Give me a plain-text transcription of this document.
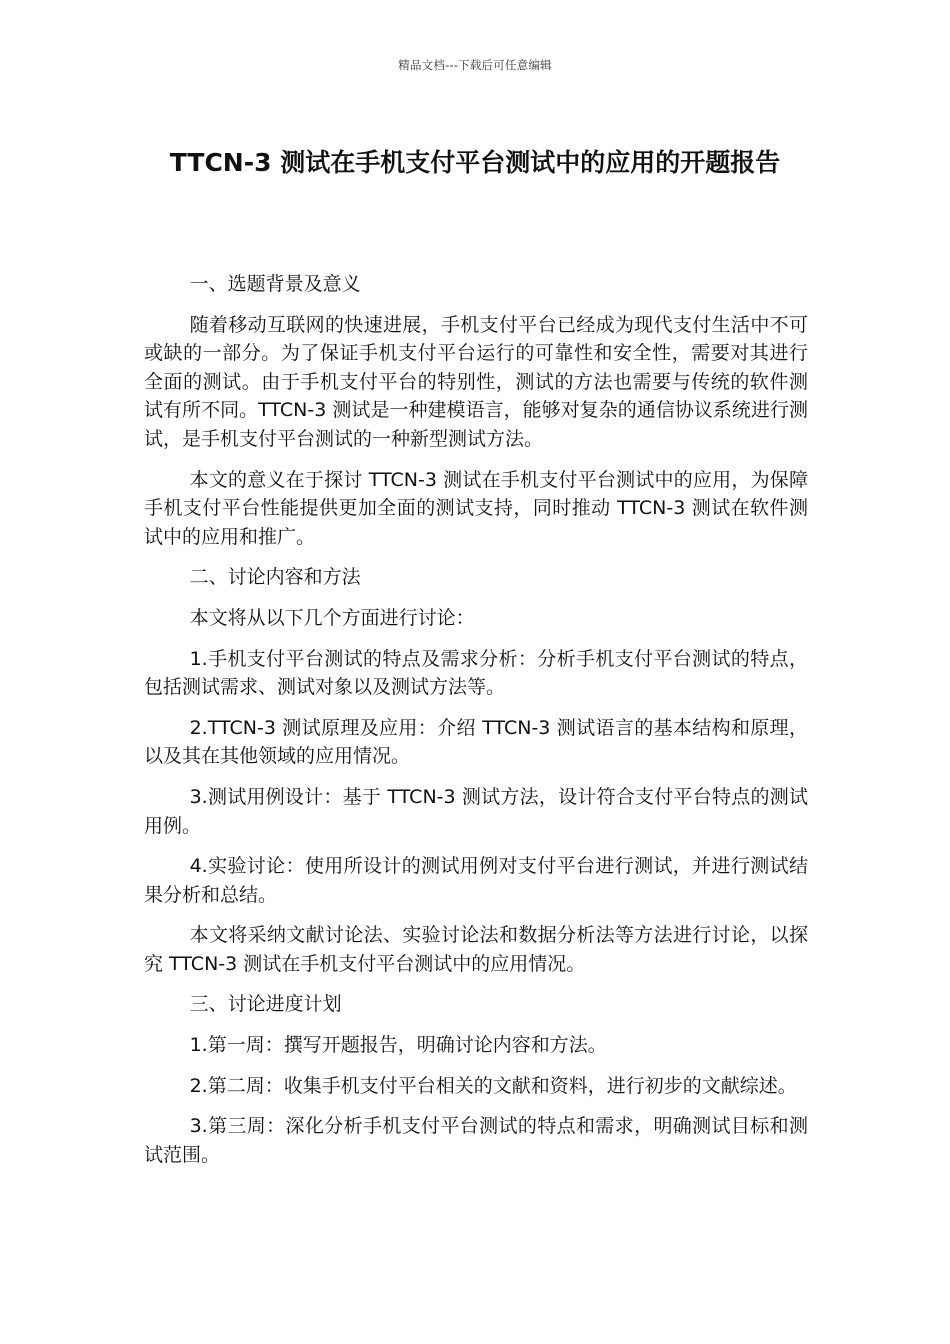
精品文档---下载后可任意编辑
TTCN-3 测试在手机支付平台测试中的应用的开题报告

一、选题背景及意义

随着移动互联网的快速进展，手机支付平台已经成为现代支付生活中不可或缺的一部分。为了保证手机支付平台运行的可靠性和安全性，需要对其进行全面的测试。由于手机支付平台的特别性，测试的方法也需要与传统的软件测试有所不同。TTCN-3 测试是一种建模语言，能够对复杂的通信协议系统进行测试，是手机支付平台测试的一种新型测试方法。

本文的意义在于探讨 TTCN-3 测试在手机支付平台测试中的应用，为保障手机支付平台性能提供更加全面的测试支持，同时推动 TTCN-3 测试在软件测试中的应用和推广。

二、讨论内容和方法

本文将从以下几个方面进行讨论：

1.手机支付平台测试的特点及需求分析：分析手机支付平台测试的特点，包括测试需求、测试对象以及测试方法等。

2.TTCN-3 测试原理及应用：介绍 TTCN-3 测试语言的基本结构和原理，以及其在其他领域的应用情况。

3.测试用例设计：基于 TTCN-3 测试方法，设计符合支付平台特点的测试用例。

4.实验讨论：使用所设计的测试用例对支付平台进行测试，并进行测试结果分析和总结。

本文将采纳文献讨论法、实验讨论法和数据分析法等方法进行讨论，以探究 TTCN-3 测试在手机支付平台测试中的应用情况。

三、讨论进度计划

1.第一周：撰写开题报告，明确讨论内容和方法。

2.第二周：收集手机支付平台相关的文献和资料，进行初步的文献综述。

3.第三周：深化分析手机支付平台测试的特点和需求，明确测试目标和测试范围。
